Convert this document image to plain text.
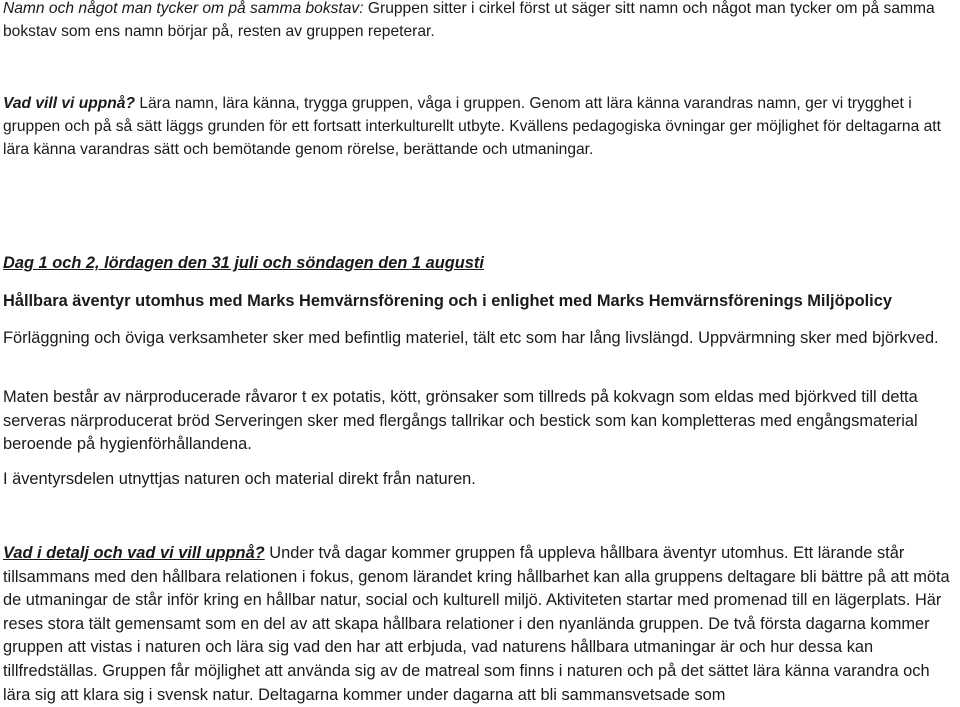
Namn och något man tycker om på samma bokstav: Gruppen sitter i cirkel först ut säger sitt namn och något man tycker om på samma bokstav som ens namn börjar på, resten av gruppen repeterar.

Vad vill vi uppnå? Lära namn, lära känna, trygga gruppen, våga i gruppen. Genom att lära känna varandras namn, ger vi trygghet i gruppen och på så sätt läggs grunden för ett fortsatt interkulturellt utbyte. Kvällens pedagogiska övningar ger möjlighet för deltagarna att lära känna varandras sätt och bemötande genom rörelse, berättande och utmaningar.

Dag 1 och 2, lördagen den 31 juli och söndagen den 1 augusti

Hållbara äventyr utomhus med Marks Hemvärnsförening och i enlighet med Marks Hemvärnsförenings Miljöpolicy

Förläggning och öviga verksamheter sker med befintlig materiel, tält etc som har lång livslängd. Uppvärmning sker med björkved.

Maten består av närproducerade råvaror t ex potatis, kött, grönsaker som tillreds på kokvagn som eldas med björkved till detta serveras närproducerat bröd Serveringen sker med flergångs tallrikar och bestick som kan kompletteras med engångsmaterial beroende på hygienförhållandena.

I äventyrsdelen utnyttjas naturen och material direkt från naturen.

Vad i detalj och vad vi vill uppnå? Under två dagar kommer gruppen få uppleva hållbara äventyr utomhus. Ett lärande står tillsammans med den hållbara relationen i fokus, genom lärandet kring hållbarhet kan alla gruppens deltagare bli bättre på att möta de utmaningar de står inför kring en hållbar natur, social och kulturell miljö. Aktiviteten startar med promenad till en lägerplats. Här reses stora tält gemensamt som en del av att skapa hållbara relationer i den nyanlända gruppen. De två första dagarna kommer gruppen att vistas i naturen och lära sig vad den har att erbjuda, vad naturens hållbara utmaningar är och hur dessa kan tillfredställas. Gruppen får möjlighet att använda sig av de matreal som finns i naturen och på det sättet lära känna varandra och lära sig att klara sig i svensk natur. Deltagarna kommer under dagarna att bli sammansvetsade som
